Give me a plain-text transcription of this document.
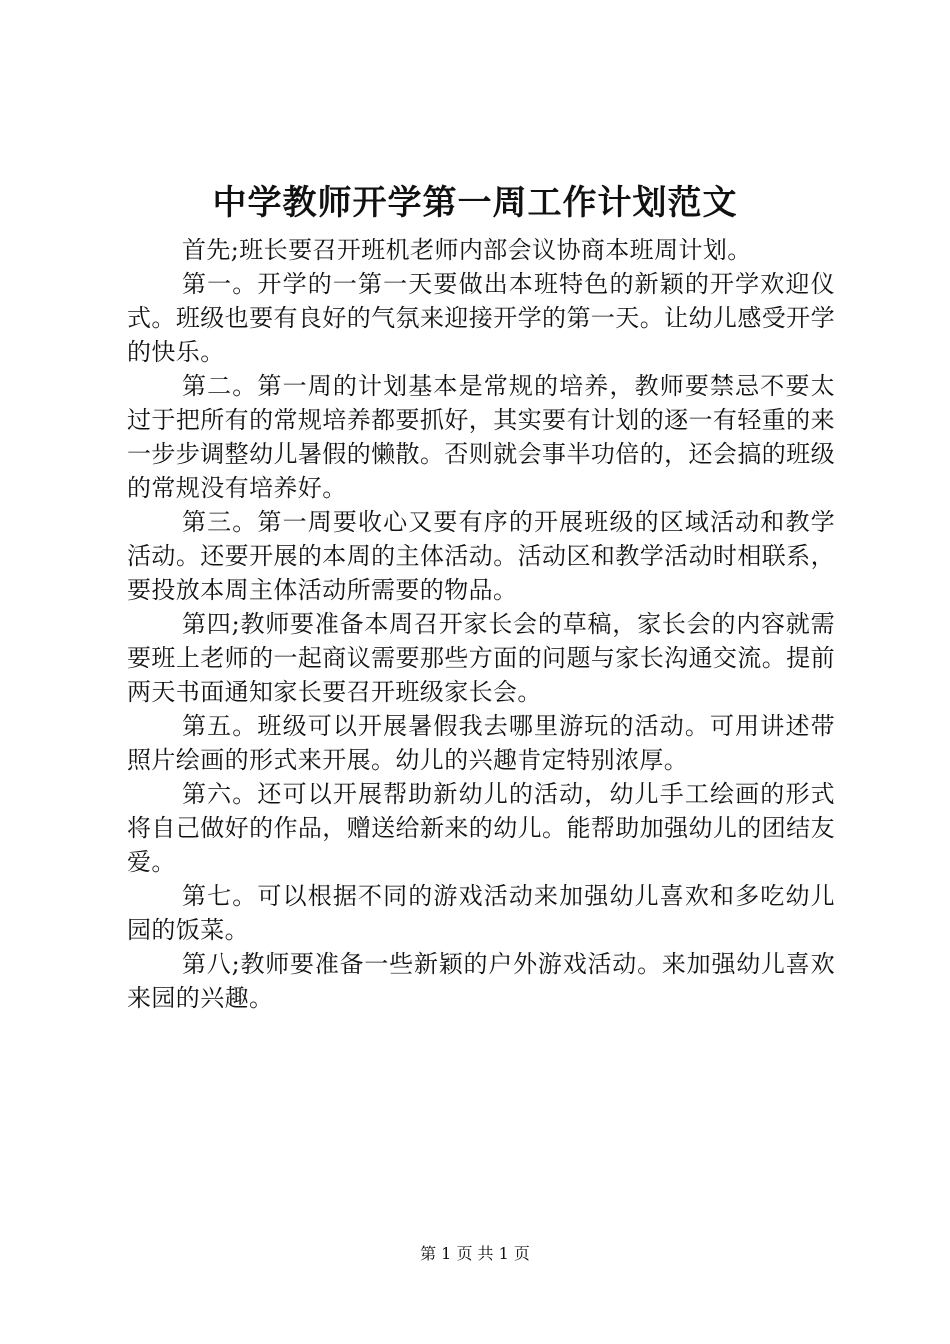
中学教师开学第一周工作计划范文

首先;班长要召开班机老师内部会议协商本班周计划。

第一。开学的一第一天要做出本班特色的新颖的开学欢迎仪式。班级也要有良好的气氛来迎接开学的第一天。让幼儿感受开学的快乐。

第二。第一周的计划基本是常规的培养，教师要禁忌不要太过于把所有的常规培养都要抓好，其实要有计划的逐一有轻重的来一步步调整幼儿暑假的懒散。否则就会事半功倍的，还会搞的班级的常规没有培养好。

第三。第一周要收心又要有序的开展班级的区域活动和教学活动。还要开展的本周的主体活动。活动区和教学活动时相联系，要投放本周主体活动所需要的物品。

第四;教师要准备本周召开家长会的草稿，家长会的内容就需要班上老师的一起商议需要那些方面的问题与家长沟通交流。提前两天书面通知家长要召开班级家长会。

第五。班级可以开展暑假我去哪里游玩的活动。可用讲述带照片绘画的形式来开展。幼儿的兴趣肯定特别浓厚。

第六。还可以开展帮助新幼儿的活动，幼儿手工绘画的形式将自己做好的作品，赠送给新来的幼儿。能帮助加强幼儿的团结友爱。

第七。可以根据不同的游戏活动来加强幼儿喜欢和多吃幼儿园的饭菜。

第八;教师要准备一些新颖的户外游戏活动。来加强幼儿喜欢来园的兴趣。

第 1 页 共 1 页
